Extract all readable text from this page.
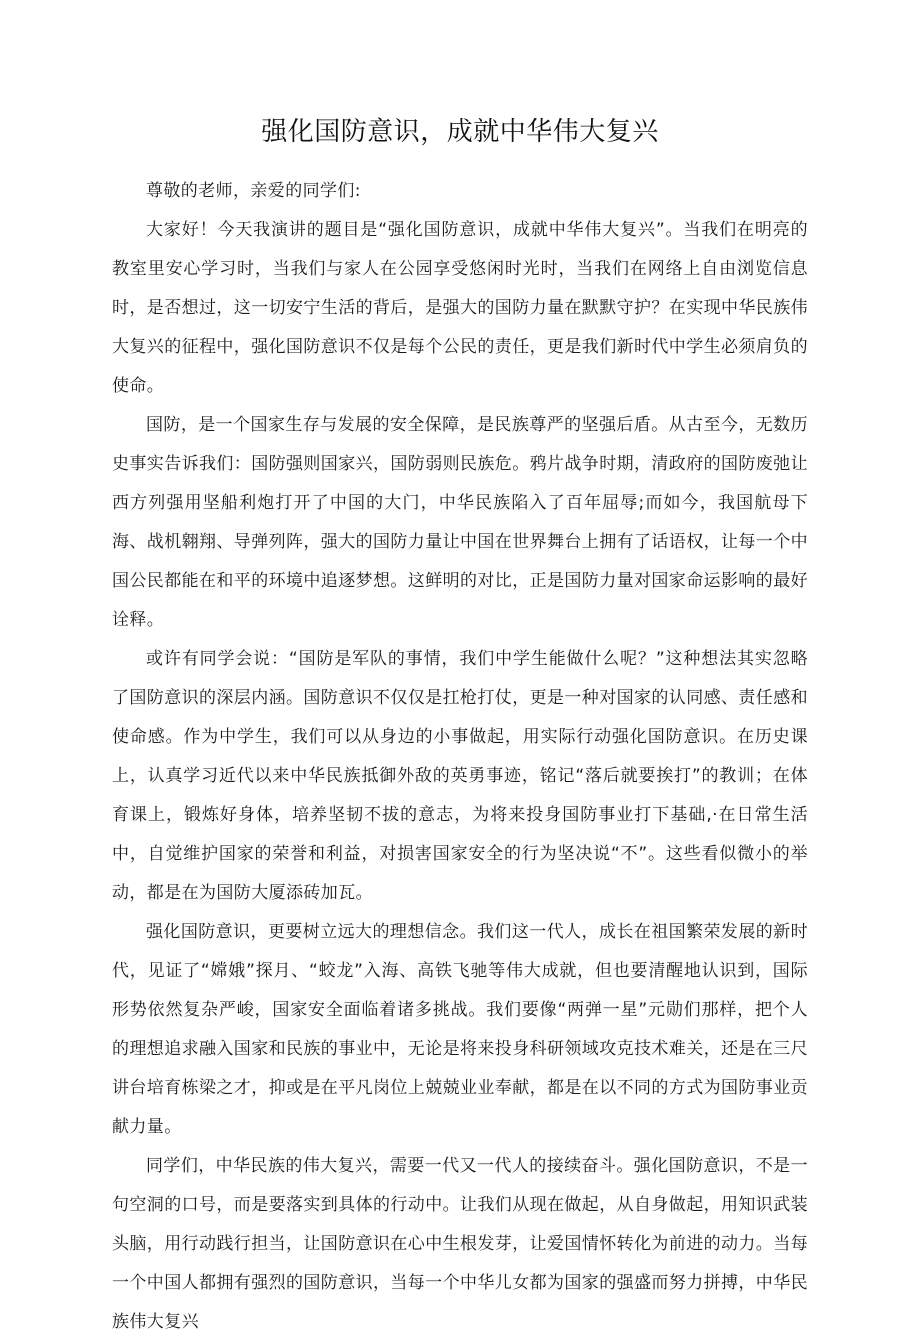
强化国防意识，成就中华伟大复兴

尊敬的老师，亲爱的同学们:

大家好！今天我演讲的题目是“强化国防意识，成就中华伟大复兴”。当我们在明亮的教室里安心学习时，当我们与家人在公园享受悠闲时光时，当我们在网络上自由浏览信息时，是否想过，这一切安宁生活的背后，是强大的国防力量在默默守护？在实现中华民族伟大复兴的征程中，强化国防意识不仅是每个公民的责任，更是我们新时代中学生必须肩负的使命。

国防，是一个国家生存与发展的安全保障，是民族尊严的坚强后盾。从古至今，无数历史事实告诉我们：国防强则国家兴，国防弱则民族危。鸦片战争时期，清政府的国防废弛让西方列强用坚船利炮打开了中国的大门，中华民族陷入了百年屈辱;而如今，我国航母下海、战机翱翔、导弹列阵，强大的国防力量让中国在世界舞台上拥有了话语权，让每一个中国公民都能在和平的环境中追逐梦想。这鲜明的对比，正是国防力量对国家命运影响的最好诠释。

或许有同学会说：“国防是军队的事情，我们中学生能做什么呢？”这种想法其实忽略了国防意识的深层内涵。国防意识不仅仅是扛枪打仗，更是一种对国家的认同感、责任感和使命感。作为中学生，我们可以从身边的小事做起，用实际行动强化国防意识。在历史课上，认真学习近代以来中华民族抵御外敌的英勇事迹，铭记“落后就要挨打”的教训；在体育课上，锻炼好身体，培养坚韧不拔的意志，为将来投身国防事业打下基础,·在日常生活中，自觉维护国家的荣誉和利益，对损害国家安全的行为坚决说“不”。这些看似微小的举动，都是在为国防大厦添砖加瓦。

强化国防意识，更要树立远大的理想信念。我们这一代人，成长在祖国繁荣发展的新时代，见证了“嫦娥”探月、“蛟龙”入海、高铁飞驰等伟大成就，但也要清醒地认识到，国际形势依然复杂严峻，国家安全面临着诸多挑战。我们要像“两弹一星”元勋们那样，把个人的理想追求融入国家和民族的事业中，无论是将来投身科研领域攻克技术难关，还是在三尺讲台培育栋梁之才，抑或是在平凡岗位上兢兢业业奉献，都是在以不同的方式为国防事业贡献力量。

同学们，中华民族的伟大复兴，需要一代又一代人的接续奋斗。强化国防意识，不是一句空洞的口号，而是要落实到具体的行动中。让我们从现在做起，从自身做起，用知识武装头脑，用行动践行担当，让国防意识在心中生根发芽，让爱国情怀转化为前进的动力。当每一个中国人都拥有强烈的国防意识，当每一个中华儿女都为国家的强盛而努力拼搏，中华民族伟大复兴
